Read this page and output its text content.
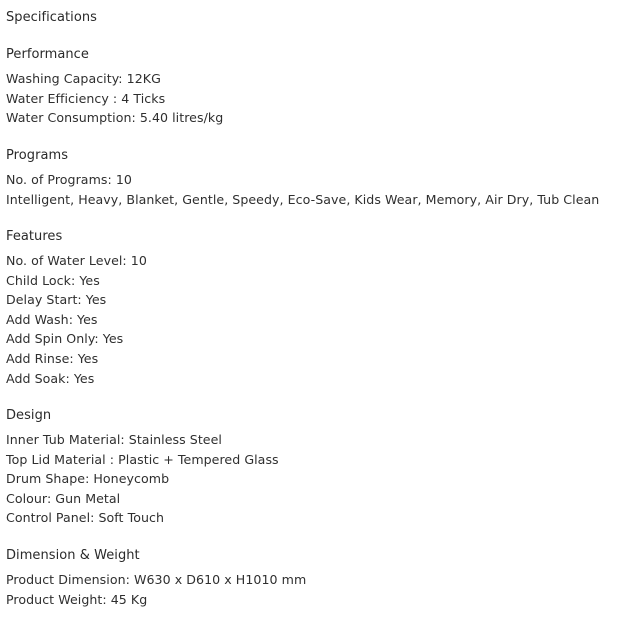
Specifications
Performance
Washing Capacity: 12KG
Water Efficiency : 4 Ticks
Water Consumption: 5.40 litres/kg
Programs
No. of Programs: 10
Intelligent, Heavy, Blanket, Gentle, Speedy, Eco-Save, Kids Wear, Memory, Air Dry, Tub Clean
Features
No. of Water Level: 10
Child Lock: Yes
Delay Start: Yes
Add Wash: Yes
Add Spin Only: Yes
Add Rinse: Yes
Add Soak: Yes
Design
Inner Tub Material: Stainless Steel
Top Lid Material : Plastic + Tempered Glass
Drum Shape: Honeycomb
Colour: Gun Metal
Control Panel: Soft Touch
Dimension & Weight
Product Dimension: W630 x D610 x H1010 mm
Product Weight: 45 Kg
